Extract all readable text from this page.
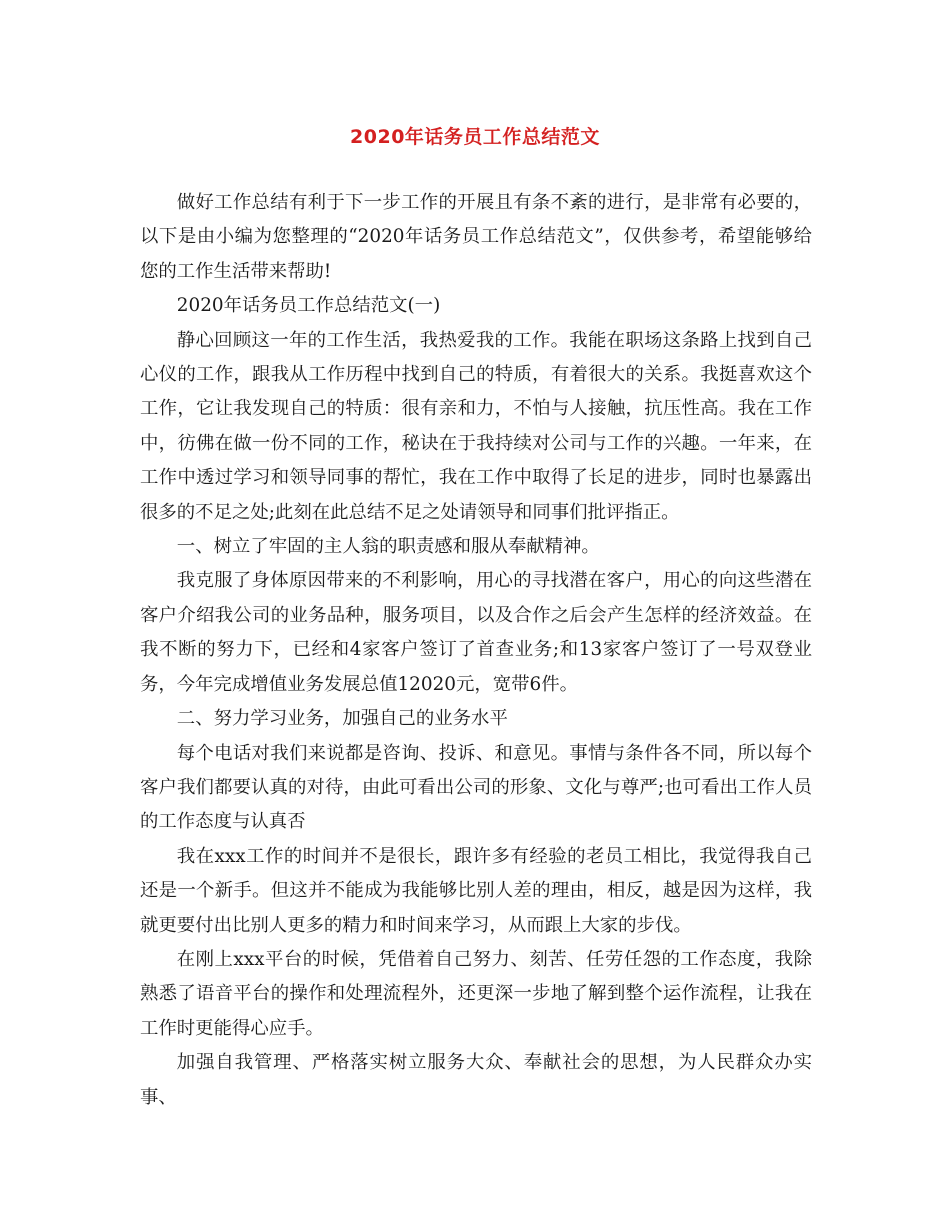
2020年话务员工作总结范文

做好工作总结有利于下一步工作的开展且有条不紊的进行，是非常有必要的，以下是由小编为您整理的“2020年话务员工作总结范文”，仅供参考，希望能够给您的工作生活带来帮助!

2020年话务员工作总结范文(一)

静心回顾这一年的工作生活，我热爱我的工作。我能在职场这条路上找到自己心仪的工作，跟我从工作历程中找到自己的特质，有着很大的关系。我挺喜欢这个工作，它让我发现自己的特质：很有亲和力，不怕与人接触，抗压性高。我在工作中，彷佛在做一份不同的工作，秘诀在于我持续对公司与工作的兴趣。一年来，在工作中透过学习和领导同事的帮忙，我在工作中取得了长足的进步，同时也暴露出很多的不足之处;此刻在此总结不足之处请领导和同事们批评指正。

一、树立了牢固的主人翁的职责感和服从奉献精神。

我克服了身体原因带来的不利影响，用心的寻找潜在客户，用心的向这些潜在客户介绍我公司的业务品种，服务项目，以及合作之后会产生怎样的经济效益。在我不断的努力下，已经和4家客户签订了首查业务;和13家客户签订了一号双登业务，今年完成增值业务发展总值12020元，宽带6件。

二、努力学习业务，加强自己的业务水平

每个电话对我们来说都是咨询、投诉、和意见。事情与条件各不同，所以每个客户我们都要认真的对待，由此可看出公司的形象、文化与尊严;也可看出工作人员的工作态度与认真否

我在xxx工作的时间并不是很长，跟许多有经验的老员工相比，我觉得我自己还是一个新手。但这并不能成为我能够比别人差的理由，相反，越是因为这样，我就更要付出比别人更多的精力和时间来学习，从而跟上大家的步伐。

在刚上xxx平台的时候，凭借着自己努力、刻苦、任劳任怨的工作态度，我除熟悉了语音平台的操作和处理流程外，还更深一步地了解到整个运作流程，让我在工作时更能得心应手。

加强自我管理、严格落实树立服务大众、奉献社会的思想，为人民群众办实事、
